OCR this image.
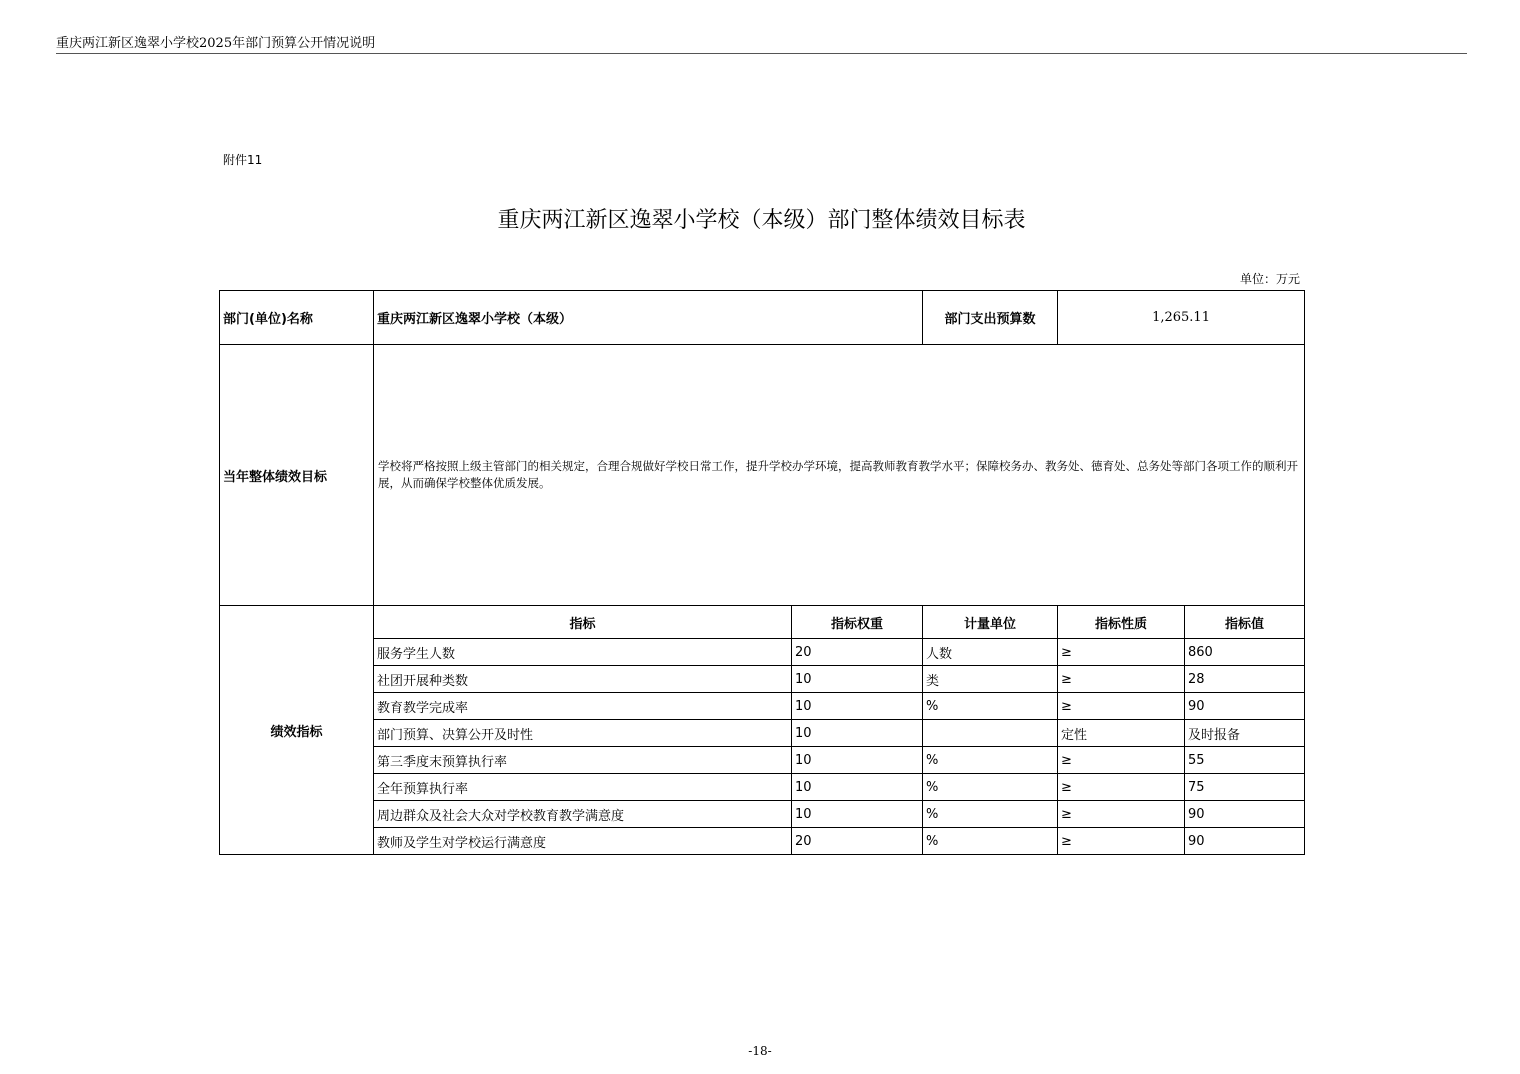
重庆两江新区逸翠小学校2025年部门预算公开情况说明
附件11
重庆两江新区逸翠小学校（本级）部门整体绩效目标表
单位：万元
部门(单位)名称	重庆两江新区逸翠小学校（本级）		部门支出预算数	1,265.11	
当年整体绩效目标	学校将严格按照上级主管部门的相关规定，合理合规做好学校日常工作，提升学校办学环境，提高教师教育教学水平；保障校务办、教务处、德育处、总务处等部门各项工作的顺利开展，从而确保学校整体优质发展。				
绩效指标	指标	指标权重	计量单位	指标性质	指标值
	服务学生人数	20	人数	≥	860
	社团开展种类数	10	类	≥	28
	教育教学完成率	10	%	≥	90
	部门预算、决算公开及时性	10		定性	及时报备
	第三季度末预算执行率	10	%	≥	55
	全年预算执行率	10	%	≥	75
	周边群众及社会大众对学校教育教学满意度	10	%	≥	90
	教师及学生对学校运行满意度	20	%	≥	90
-18-
